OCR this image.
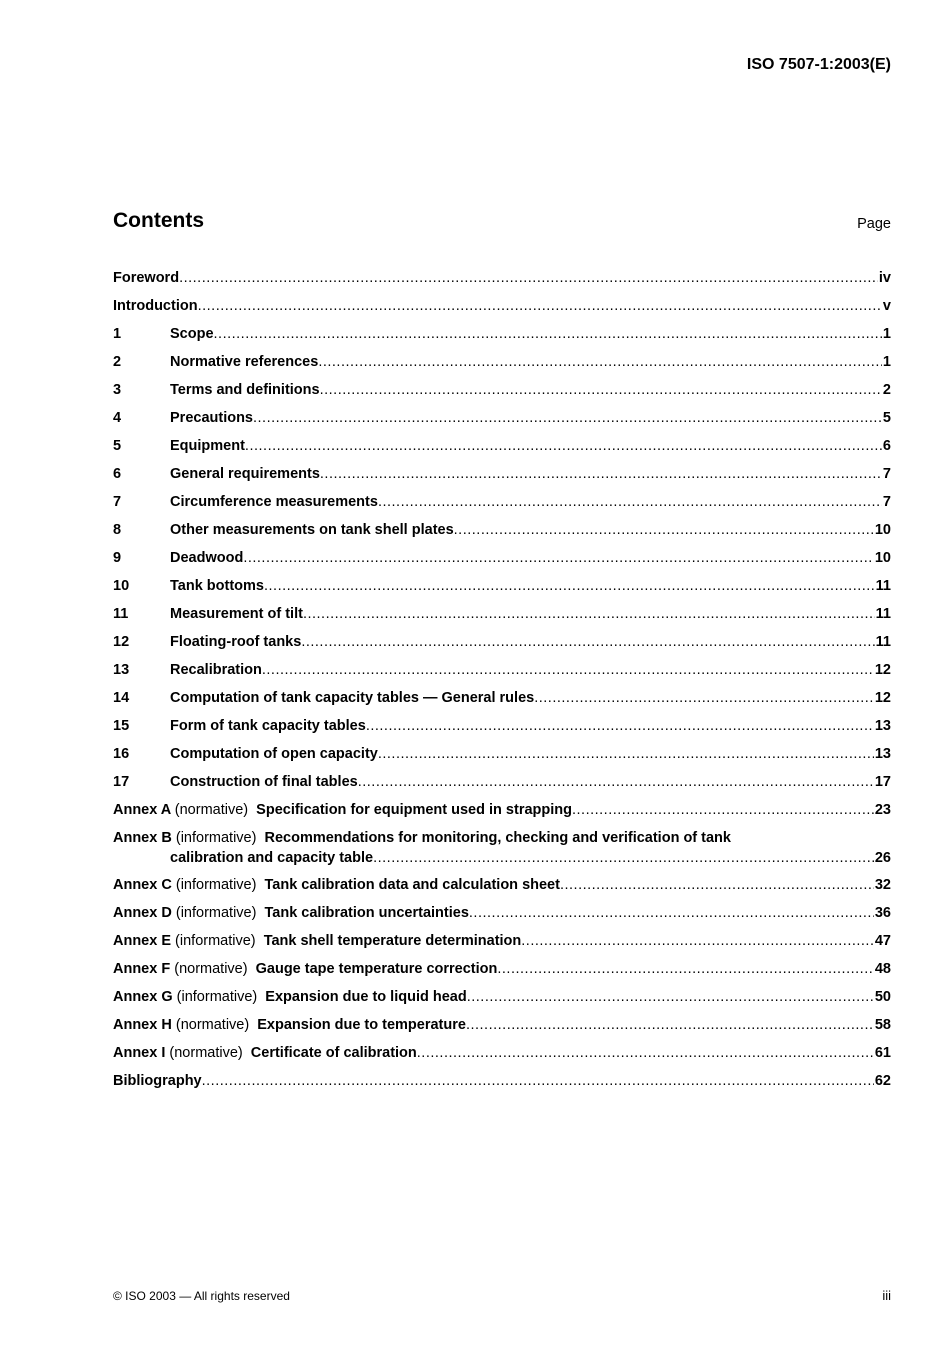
ISO 7507-1:2003(E)
Contents	Page
Foreword .....	iv
Introduction .....	v
1	Scope .....	1
2	Normative references .....	1
3	Terms and definitions .....	2
4	Precautions .....	5
5	Equipment .....	6
6	General requirements .....	7
7	Circumference measurements .....	7
8	Other measurements on tank shell plates .....	10
9	Deadwood .....	10
10	Tank bottoms .....	11
11	Measurement of tilt .....	11
12	Floating-roof tanks .....	11
13	Recalibration .....	12
14	Computation of tank capacity tables — General rules .....	12
15	Form of tank capacity tables .....	13
16	Computation of open capacity .....	13
17	Construction of final tables .....	17
Annex A (normative) Specification for equipment used in strapping .....	23
Annex B (informative) Recommendations for monitoring, checking and verification of tank
calibration and capacity table .....	26
Annex C (informative) Tank calibration data and calculation sheet .....	32
Annex D (informative) Tank calibration uncertainties .....	36
Annex E (informative) Tank shell temperature determination .....	47
Annex F (normative) Gauge tape temperature correction .....	48
Annex G (informative) Expansion due to liquid head .....	50
Annex H (normative) Expansion due to temperature .....	58
Annex I (normative) Certificate of calibration .....	61
Bibliography .....	62
© ISO 2003 — All rights reserved	iii
